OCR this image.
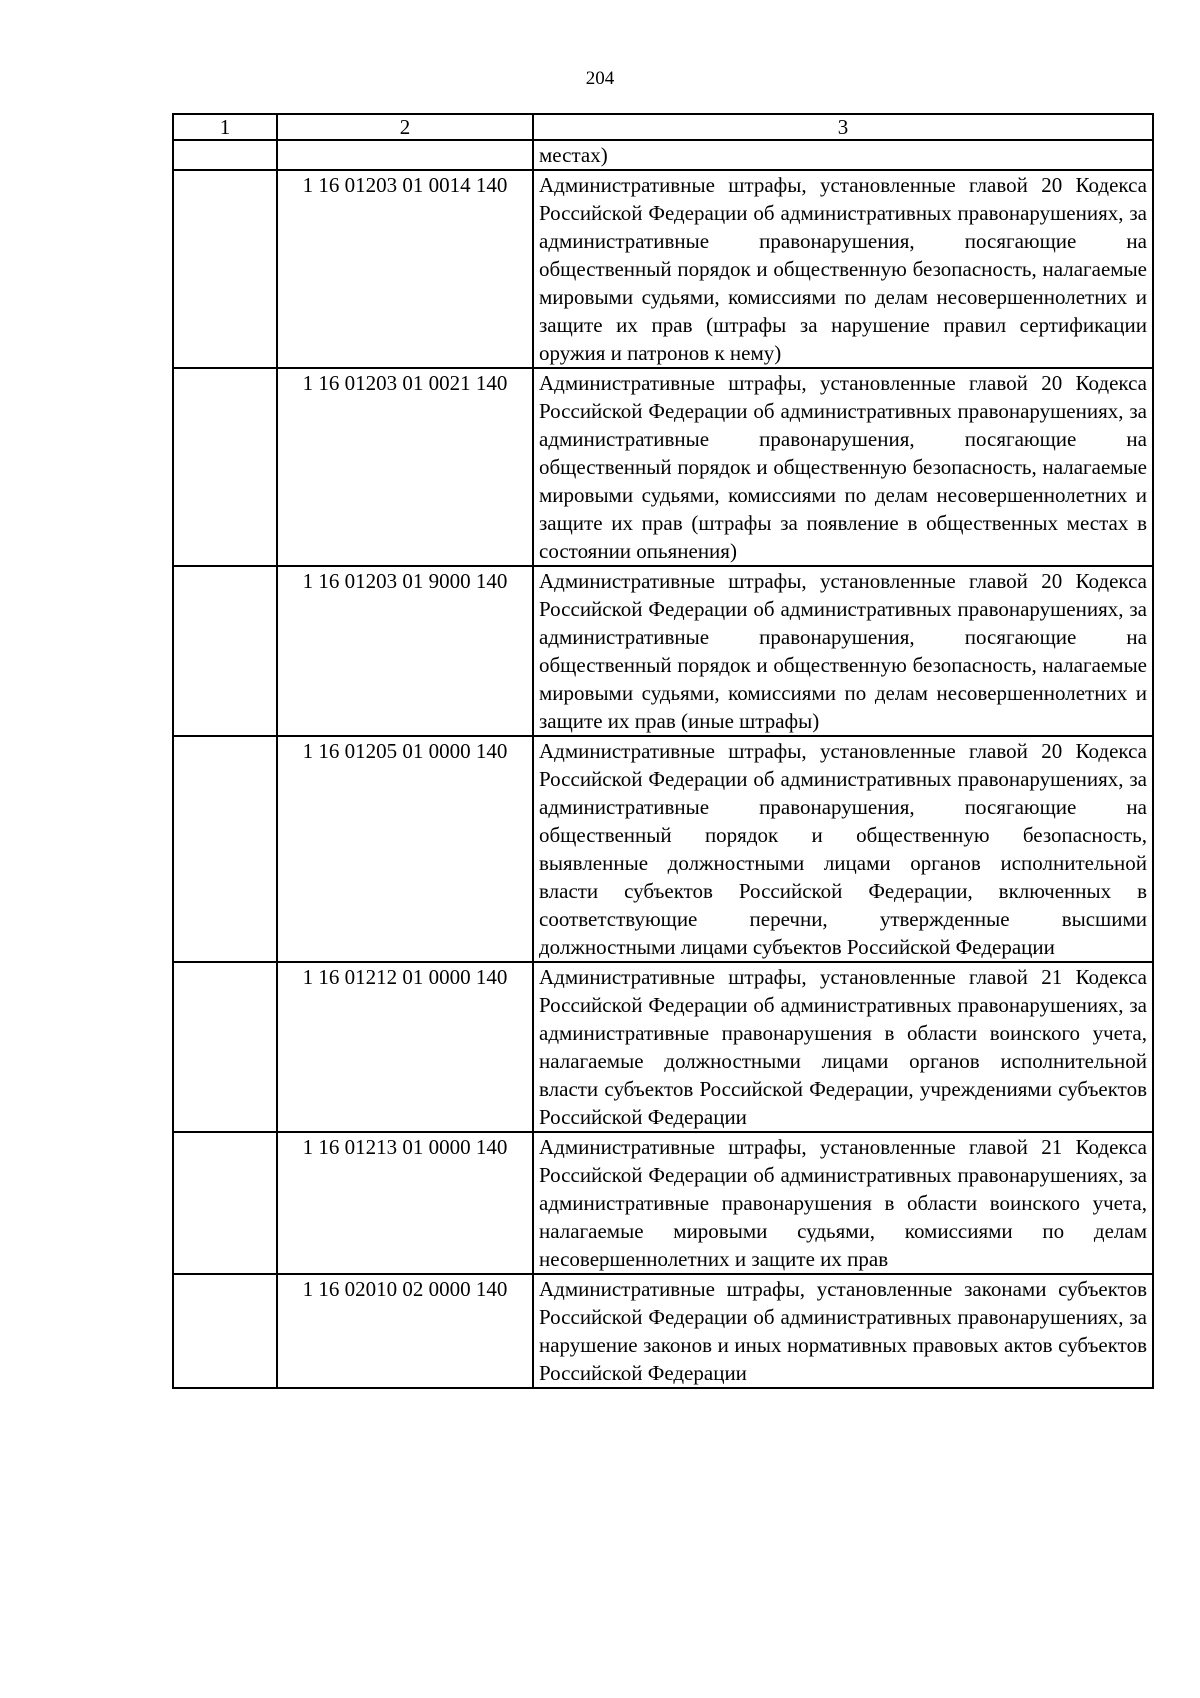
204
1	2	3
		местах)
	1 16 01203 01 0014 140	Административные штрафы, установленные главой 20 Кодекса Российской Федерации об административных правонарушениях, за административные правонарушения, посягающие на общественный порядок и общественную безопасность, налагаемые мировыми судьями, комиссиями по делам несовершеннолетних и защите их прав (штрафы за нарушение правил сертификации оружия и патронов к нему)
	1 16 01203 01 0021 140	Административные штрафы, установленные главой 20 Кодекса Российской Федерации об административных правонарушениях, за административные правонарушения, посягающие на общественный порядок и общественную безопасность, налагаемые мировыми судьями, комиссиями по делам несовершеннолетних и защите их прав (штрафы за появление в общественных местах в состоянии опьянения)
	1 16 01203 01 9000 140	Административные штрафы, установленные главой 20 Кодекса Российской Федерации об административных правонарушениях, за административные правонарушения, посягающие на общественный порядок и общественную безопасность, налагаемые мировыми судьями, комиссиями по делам несовершеннолетних и защите их прав (иные штрафы)
	1 16 01205 01 0000 140	Административные штрафы, установленные главой 20 Кодекса Российской Федерации об административных правонарушениях, за административные правонарушения, посягающие на общественный порядок и общественную безопасность, выявленные должностными лицами органов исполнительной власти субъектов Российской Федерации, включенных в соответствующие перечни, утвержденные высшими должностными лицами субъектов Российской Федерации
	1 16 01212 01 0000 140	Административные штрафы, установленные главой 21 Кодекса Российской Федерации об административных правонарушениях, за административные правонарушения в области воинского учета, налагаемые должностными лицами органов исполнительной власти субъектов Российской Федерации, учреждениями субъектов Российской Федерации
	1 16 01213 01 0000 140	Административные штрафы, установленные главой 21 Кодекса Российской Федерации об административных правонарушениях, за административные правонарушения в области воинского учета, налагаемые мировыми судьями, комиссиями по делам несовершеннолетних и защите их прав
	1 16 02010 02 0000 140	Административные штрафы, установленные законами субъектов Российской Федерации об административных правонарушениях, за нарушение законов и иных нормативных правовых актов субъектов Российской Федерации
